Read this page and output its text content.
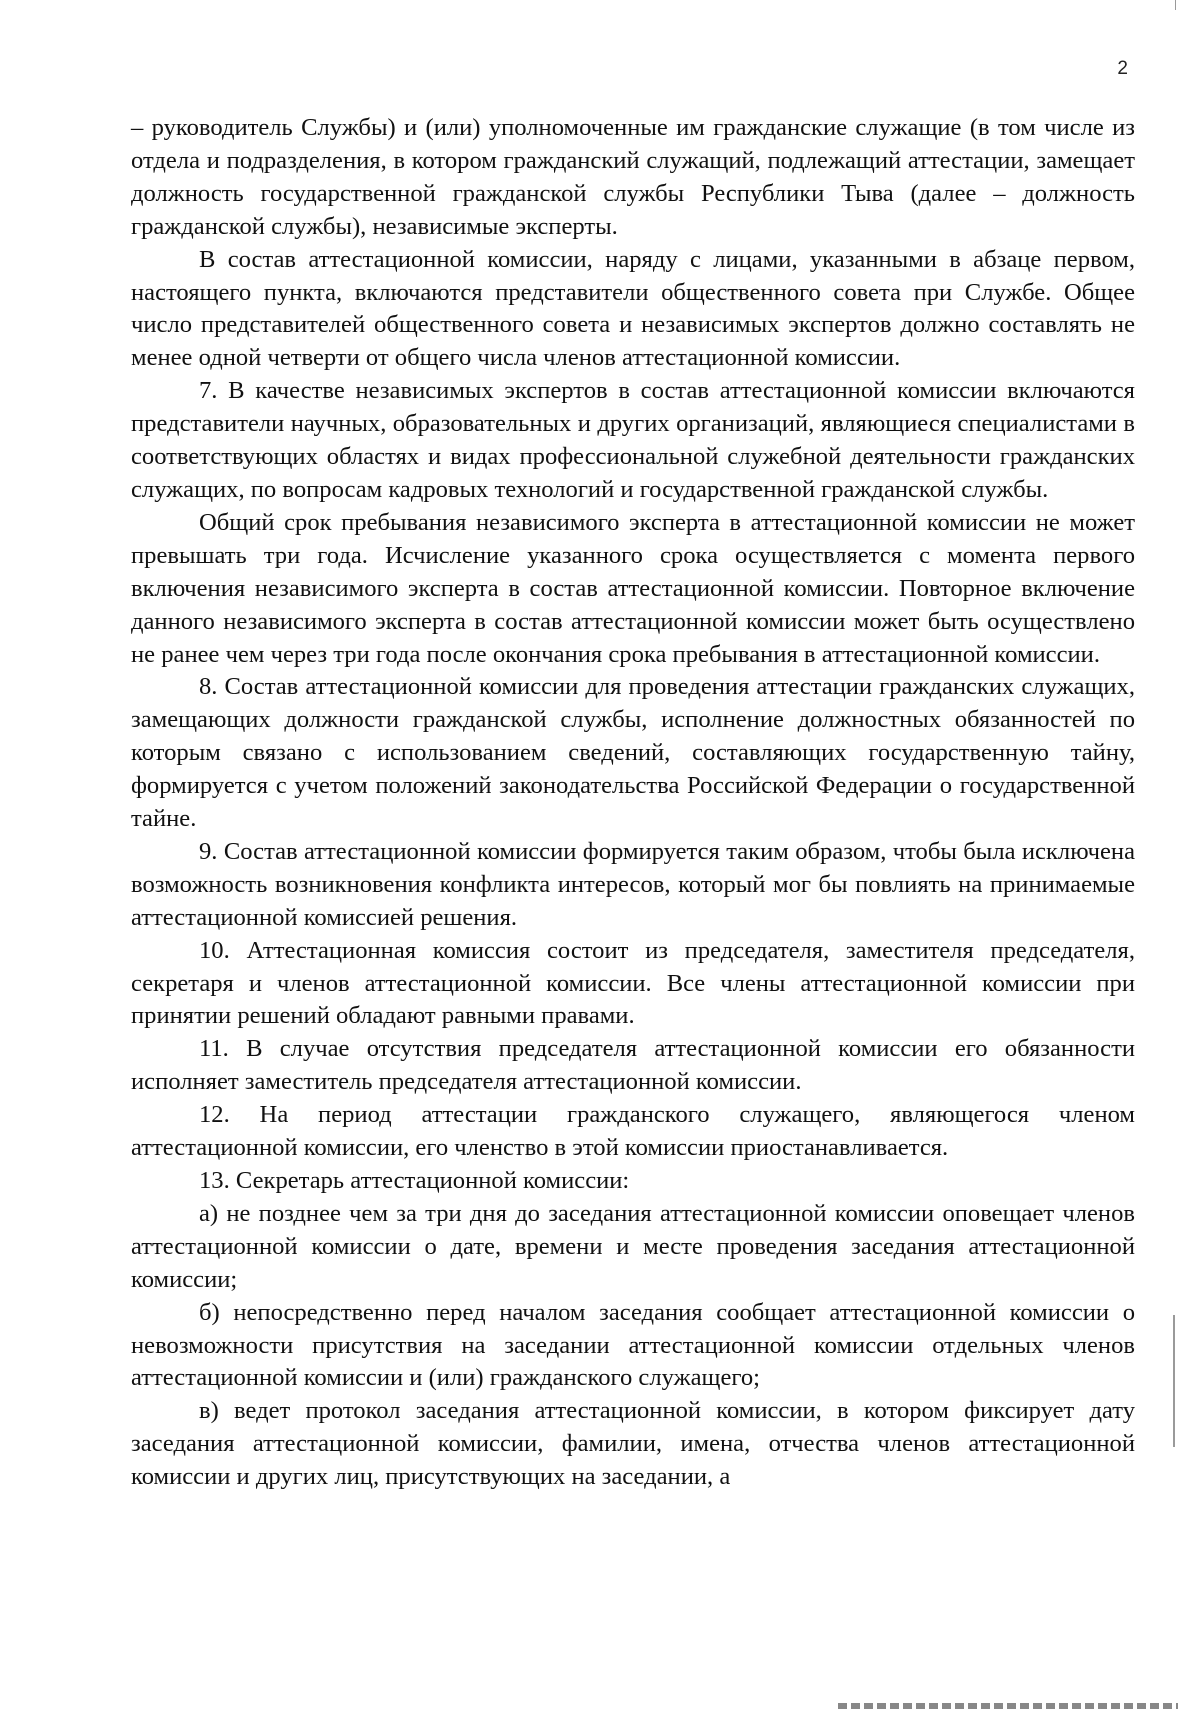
2

– руководитель Службы) и (или) уполномоченные им гражданские служащие (в том числе из отдела и подразделения, в котором гражданский служащий, подлежащий аттестации, замещает должность государственной гражданской службы Республики Тыва (далее – должность гражданской службы), независимые эксперты.

В состав аттестационной комиссии, наряду с лицами, указанными в абзаце первом, настоящего пункта, включаются представители общественного совета при Службе. Общее число представителей общественного совета и независимых экспертов должно составлять не менее одной четверти от общего числа членов аттестационной комиссии.

7. В качестве независимых экспертов в состав аттестационной комиссии включаются представители научных, образовательных и других организаций, являющиеся специалистами в соответствующих областях и видах профессиональной служебной деятельности гражданских служащих, по вопросам кадровых технологий и государственной гражданской службы.

Общий срок пребывания независимого эксперта в аттестационной комиссии не может превышать три года. Исчисление указанного срока осуществляется с момента первого включения независимого эксперта в состав аттестационной комиссии. Повторное включение данного независимого эксперта в состав аттестационной комиссии может быть осуществлено не ранее чем через три года после окончания срока пребывания в аттестационной комиссии.

8. Состав аттестационной комиссии для проведения аттестации гражданских служащих, замещающих должности гражданской службы, исполнение должностных обязанностей по которым связано с использованием сведений, составляющих государственную тайну, формируется с учетом положений законодательства Российской Федерации о государственной тайне.

9. Состав аттестационной комиссии формируется таким образом, чтобы была исключена возможность возникновения конфликта интересов, который мог бы повлиять на принимаемые аттестационной комиссией решения.

10. Аттестационная комиссия состоит из председателя, заместителя председателя, секретаря и членов аттестационной комиссии. Все члены аттестационной комиссии при принятии решений обладают равными правами.

11. В случае отсутствия председателя аттестационной комиссии его обязанности исполняет заместитель председателя аттестационной комиссии.

12. На период аттестации гражданского служащего, являющегося членом аттестационной комиссии, его членство в этой комиссии приостанавливается.

13. Секретарь аттестационной комиссии:

а) не позднее чем за три дня до заседания аттестационной комиссии оповещает членов аттестационной комиссии о дате, времени и месте проведения заседания аттестационной комиссии;

б) непосредственно перед началом заседания сообщает аттестационной комиссии о невозможности присутствия на заседании аттестационной комиссии отдельных членов аттестационной комиссии и (или) гражданского служащего;

в) ведет протокол заседания аттестационной комиссии, в котором фиксирует дату заседания аттестационной комиссии, фамилии, имена, отчества членов аттестационной комиссии и других лиц, присутствующих на заседании, а
